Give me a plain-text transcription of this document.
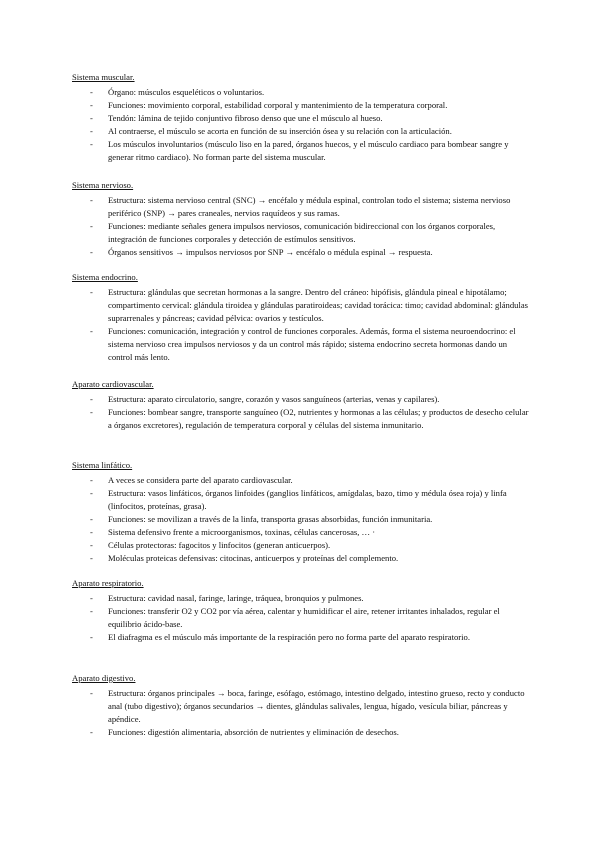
Sistema muscular.
- Órgano: músculos esqueléticos o voluntarios.
- Funciones: movimiento corporal, estabilidad corporal y mantenimiento de la temperatura corporal.
- Tendón: lámina de tejido conjuntivo fibroso denso que une el músculo al hueso.
- Al contraerse, el músculo se acorta en función de su inserción ósea y su relación con la articulación.
- Los músculos involuntarios (músculo liso en la pared, órganos huecos, y el músculo cardiaco para bombear sangre y generar ritmo cardiaco). No forman parte del sistema muscular.
Sistema nervioso.
- Estructura: sistema nervioso central (SNC) → encéfalo y médula espinal, controlan todo el sistema; sistema nervioso periférico (SNP) → pares craneales, nervios raquídeos y sus ramas.
- Funciones: mediante señales genera impulsos nerviosos, comunicación bidireccional con los órganos corporales, integración de funciones corporales y detección de estímulos sensitivos.
- Órganos sensitivos → impulsos nerviosos por SNP → encéfalo o médula espinal → respuesta.
Sistema endocrino.
- Estructura: glándulas que secretan hormonas a la sangre. Dentro del cráneo: hipófisis, glándula pineal e hipotálamo; compartimento cervical: glándula tiroidea y glándulas paratiroideas; cavidad torácica: timo; cavidad abdominal: glándulas suprarrenales y páncreas; cavidad pélvica: ovarios y testículos.
- Funciones: comunicación, integración y control de funciones corporales. Además, forma el sistema neuroendocrino: el sistema nervioso crea impulsos nerviosos y da un control más rápido; sistema endocrino secreta hormonas dando un control más lento.
Aparato cardiovascular.
- Estructura: aparato circulatorio, sangre, corazón y vasos sanguíneos (arterias, venas y capilares).
- Funciones: bombear sangre, transporte sanguíneo (O2, nutrientes y hormonas a las células; y productos de desecho celular a órganos excretores), regulación de temperatura corporal y células del sistema inmunitario.
Sistema linfático.
- A veces se considera parte del aparato cardiovascular.
- Estructura: vasos linfáticos, órganos linfoides (ganglios linfáticos, amígdalas, bazo, timo y médula ósea roja) y linfa (linfocitos, proteínas, grasa).
- Funciones: se movilizan a través de la linfa, transporta grasas absorbidas, función inmunitaria.
- Sistema defensivo frente a microorganismos, toxinas, células cancerosas, … ·
- Células protectoras: fagocitos y linfocitos (generan anticuerpos).
- Moléculas proteicas defensivas: citocinas, anticuerpos y proteínas del complemento.
Aparato respiratorio.
- Estructura: cavidad nasal, faringe, laringe, tráquea, bronquios y pulmones.
- Funciones: transferir O2 y CO2 por vía aérea, calentar y humidificar el aire, retener irritantes inhalados, regular el equilibrio ácido-base.
- El diafragma es el músculo más importante de la respiración pero no forma parte del aparato respiratorio.
Aparato digestivo.
- Estructura: órganos principales → boca, faringe, esófago, estómago, intestino delgado, intestino grueso, recto y conducto anal (tubo digestivo); órganos secundarios → dientes, glándulas salivales, lengua, hígado, vesícula biliar, páncreas y apéndice.
- Funciones: digestión alimentaria, absorción de nutrientes y eliminación de desechos.
